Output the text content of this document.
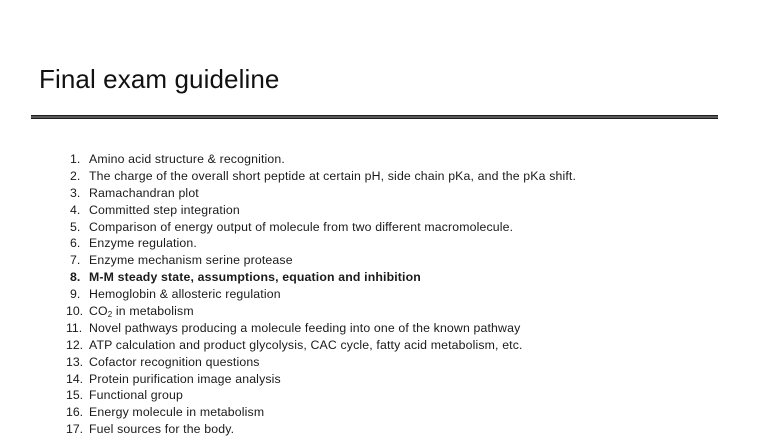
Final exam guideline
1. Amino acid structure & recognition.
2. The charge of the overall short peptide at certain pH, side chain pKa, and the pKa shift.
3. Ramachandran plot
4. Committed step integration
5. Comparison of energy output of molecule from two different macromolecule.
6. Enzyme regulation.
7. Enzyme mechanism serine protease
8. M-M steady state, assumptions, equation and inhibition
9. Hemoglobin & allosteric regulation
10. $CO_2$ in metabolism
11. Novel pathways producing a molecule feeding into one of the known pathway
12. ATP calculation and product glycolysis, CAC cycle, fatty acid metabolism, etc.
13. Cofactor recognition questions
14. Protein purification image analysis
15. Functional group
16. Energy molecule in metabolism
17. Fuel sources for the body.
